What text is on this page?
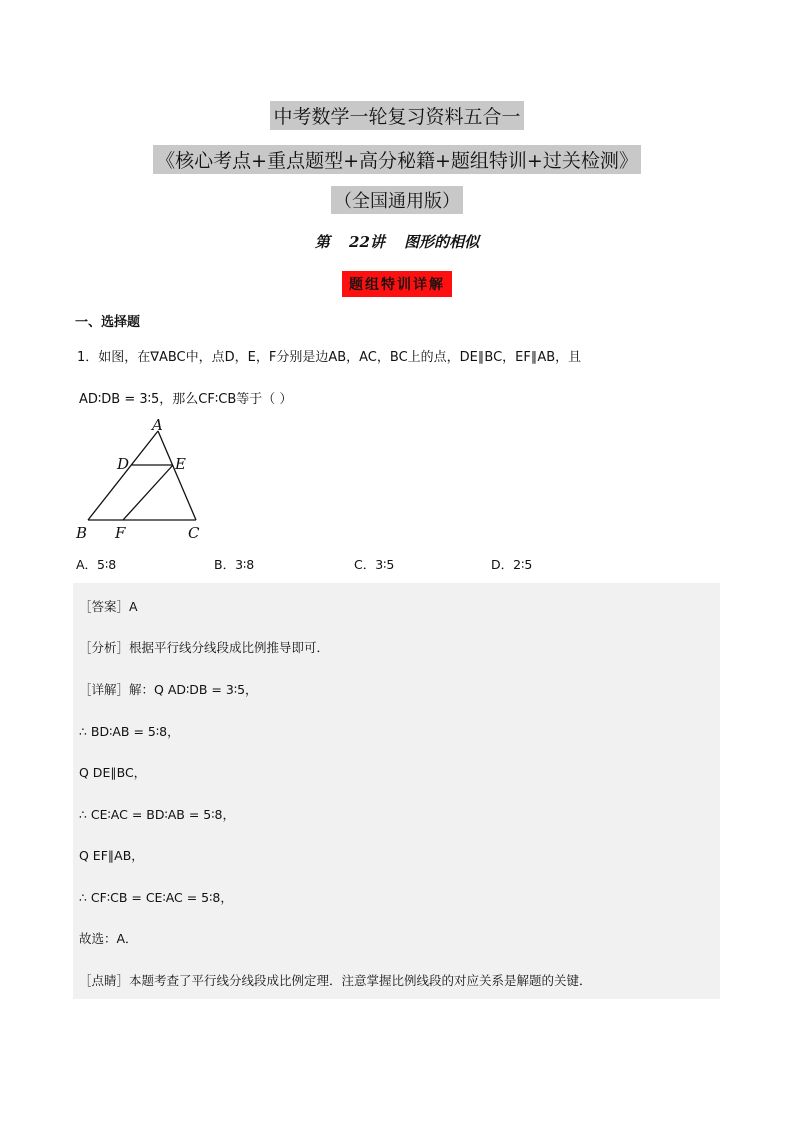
中考数学一轮复习资料五合一
《核心考点+重点题型+高分秘籍+题组特训+过关检测》
（全国通用版）
第 22讲 图形的相似
题组特训详解
一、选择题
1．如图，在∇ABC中，点D，E，F分别是边AB，AC，BC上的点，DE∥BC，EF∥AB，且
AD∶DB = 3∶5，那么CF∶CB等于（ ）
A
D	E
B F	C
A．5∶8	B．3∶8	C．3∶5	D．2∶5
［答案］A
［分析］根据平行线分线段成比例推导即可．
［详解］解：Q AD∶DB = 3∶5，
∴ BD∶AB = 5∶8，
Q DE∥BC，
∴ CE∶AC = BD∶AB = 5∶8，
Q EF∥AB，
∴ CF∶CB = CE∶AC = 5∶8，
故选：A．
［点睛］本题考查了平行线分线段成比例定理．注意掌握比例线段的对应关系是解题的关键．
